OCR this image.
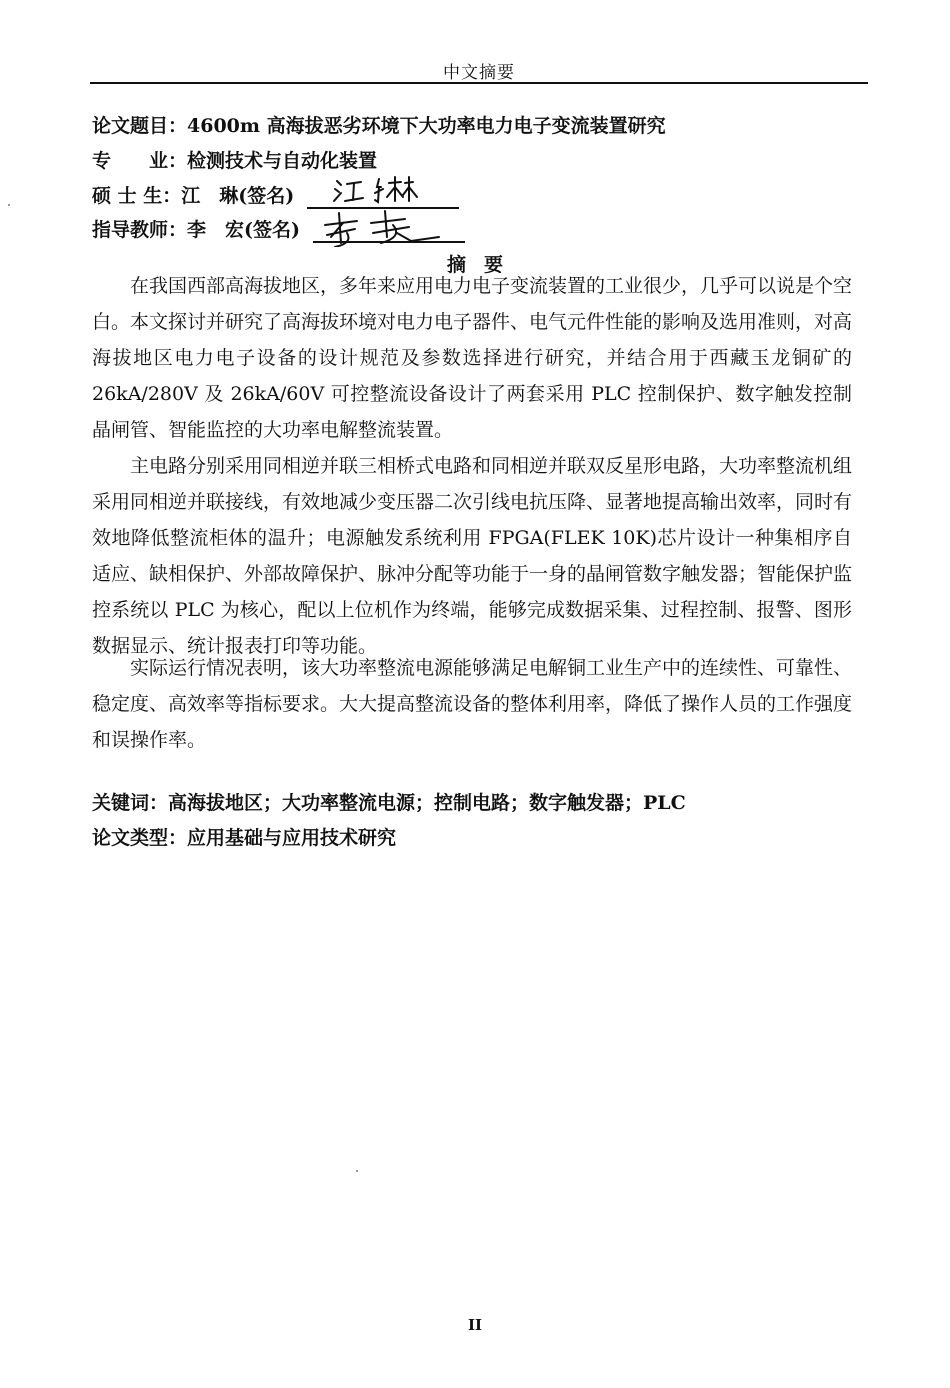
中文摘要
论文题目：4600m 高海拔恶劣环境下大功率电力电子变流装置研究
专　　业：检测技术与自动化装置
硕 士 生：江　琳(签名)
指导教师：李　宏(签名)
摘要

在我国西部高海拔地区，多年来应用电力电子变流装置的工业很少，几乎可以说是个空白。本文探讨并研究了高海拔环境对电力电子器件、电气元件性能的影响及选用准则，对高海拔地区电力电子设备的设计规范及参数选择进行研究，并结合用于西藏玉龙铜矿的 26kA/280V 及 26kA/60V 可控整流设备设计了两套采用 PLC 控制保护、数字触发控制晶闸管、智能监控的大功率电解整流装置。

主电路分别采用同相逆并联三相桥式电路和同相逆并联双反星形电路，大功率整流机组采用同相逆并联接线，有效地减少变压器二次引线电抗压降、显著地提高输出效率，同时有效地降低整流柜体的温升；电源触发系统利用 FPGA(FLEK 10K)芯片设计一种集相序自适应、缺相保护、外部故障保护、脉冲分配等功能于一身的晶闸管数字触发器；智能保护监控系统以 PLC 为核心，配以上位机作为终端，能够完成数据采集、过程控制、报警、图形数据显示、统计报表打印等功能。

实际运行情况表明，该大功率整流电源能够满足电解铜工业生产中的连续性、可靠性、稳定度、高效率等指标要求。大大提高整流设备的整体利用率，降低了操作人员的工作强度和误操作率。

关键词：高海拔地区；大功率整流电源；控制电路；数字触发器；PLC
论文类型：应用基础与应用技术研究
II
